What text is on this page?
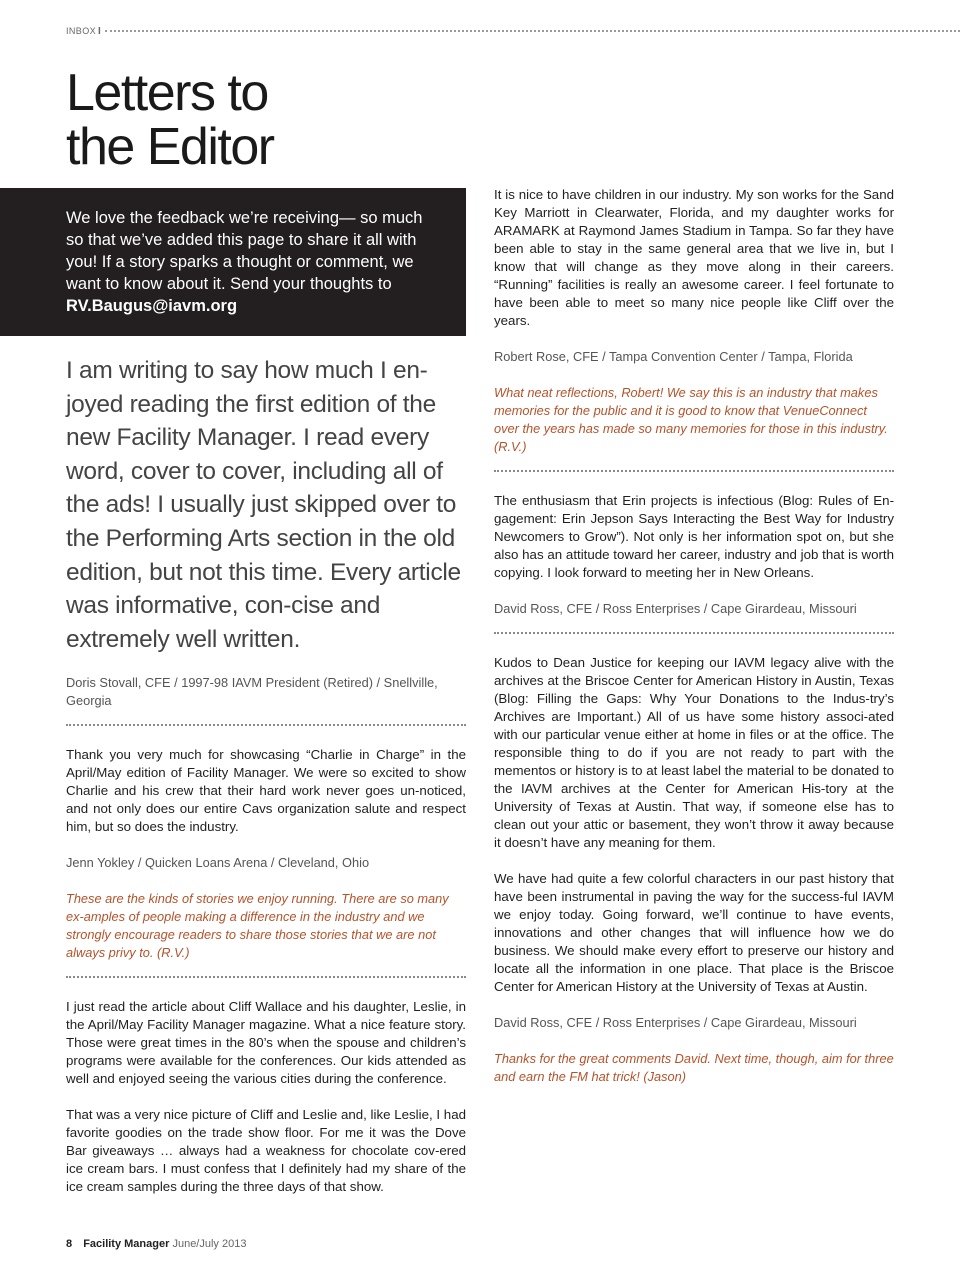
INBOX I
Letters to
the Editor
We love the feedback we’re receiving— so much so that we’ve added this page to share it all with you! If a story sparks a thought or comment, we want to know about it. Send your thoughts to RV.Baugus@iavm.org

I am writing to say how much I en-joyed reading the first edition of the new Facility Manager. I read every word, cover to cover, including all of the ads! I usually just skipped over to the Performing Arts section in the old edition, but not this time. Every article was informative, con-cise and extremely well written.

Doris Stovall, CFE / 1997-98 IAVM President (Retired) / Snellville, Georgia

Thank you very much for showcasing “Charlie in Charge” in the April/May edition of Facility Manager. We were so excited to show Charlie and his crew that their hard work never goes un-noticed, and not only does our entire Cavs organization salute and respect him, but so does the industry.

Jenn Yokley / Quicken Loans Arena / Cleveland, Ohio

These are the kinds of stories we enjoy running. There are so many ex-amples of people making a difference in the industry and we strongly encourage readers to share those stories that we are not always privy to. (R.V.)

I just read the article about Cliff Wallace and his daughter, Leslie, in the April/May Facility Manager magazine. What a nice feature story. Those were great times in the 80’s when the spouse and children’s programs were available for the conferences. Our kids attended as well and enjoyed seeing the various cities during the conference.

That was a very nice picture of Cliff and Leslie and, like Leslie, I had favorite goodies on the trade show floor. For me it was the Dove Bar giveaways … always had a weakness for chocolate cov-ered ice cream bars. I must confess that I definitely had my share of the ice cream samples during the three days of that show.

It is nice to have children in our industry. My son works for the Sand Key Marriott in Clearwater, Florida, and my daughter works for ARAMARK at Raymond James Stadium in Tampa. So far they have been able to stay in the same general area that we live in, but I know that will change as they move along in their careers. “Running” facilities is really an awesome career. I feel fortunate to have been able to meet so many nice people like Cliff over the years.

Robert Rose, CFE / Tampa Convention Center / Tampa, Florida

What neat reflections, Robert! We say this is an industry that makes memories for the public and it is good to know that VenueConnect over the years has made so many memories for those in this industry. (R.V.)

The enthusiasm that Erin projects is infectious (Blog: Rules of En-gagement: Erin Jepson Says Interacting the Best Way for Industry Newcomers to Grow”). Not only is her information spot on, but she also has an attitude toward her career, industry and job that is worth copying. I look forward to meeting her in New Orleans.

David Ross, CFE / Ross Enterprises / Cape Girardeau, Missouri

Kudos to Dean Justice for keeping our IAVM legacy alive with the archives at the Briscoe Center for American History in Austin, Texas (Blog: Filling the Gaps: Why Your Donations to the Indus-try’s Archives are Important.) All of us have some history associ-ated with our particular venue either at home in files or at the office. The responsible thing to do if you are not ready to part with the mementos or history is to at least label the material to be donated to the IAVM archives at the Center for American His-tory at the University of Texas at Austin. That way, if someone else has to clean out your attic or basement, they won’t throw it away because it doesn’t have any meaning for them.

We have had quite a few colorful characters in our past history that have been instrumental in paving the way for the success-ful IAVM we enjoy today. Going forward, we’ll continue to have events, innovations and other changes that will influence how we do business. We should make every effort to preserve our history and locate all the information in one place. That place is the Briscoe Center for American History at the University of Texas at Austin.

David Ross, CFE / Ross Enterprises / Cape Girardeau, Missouri

Thanks for the great comments David. Next time, though, aim for three and earn the FM hat trick! (Jason)

8 Facility Manager June/July 2013
